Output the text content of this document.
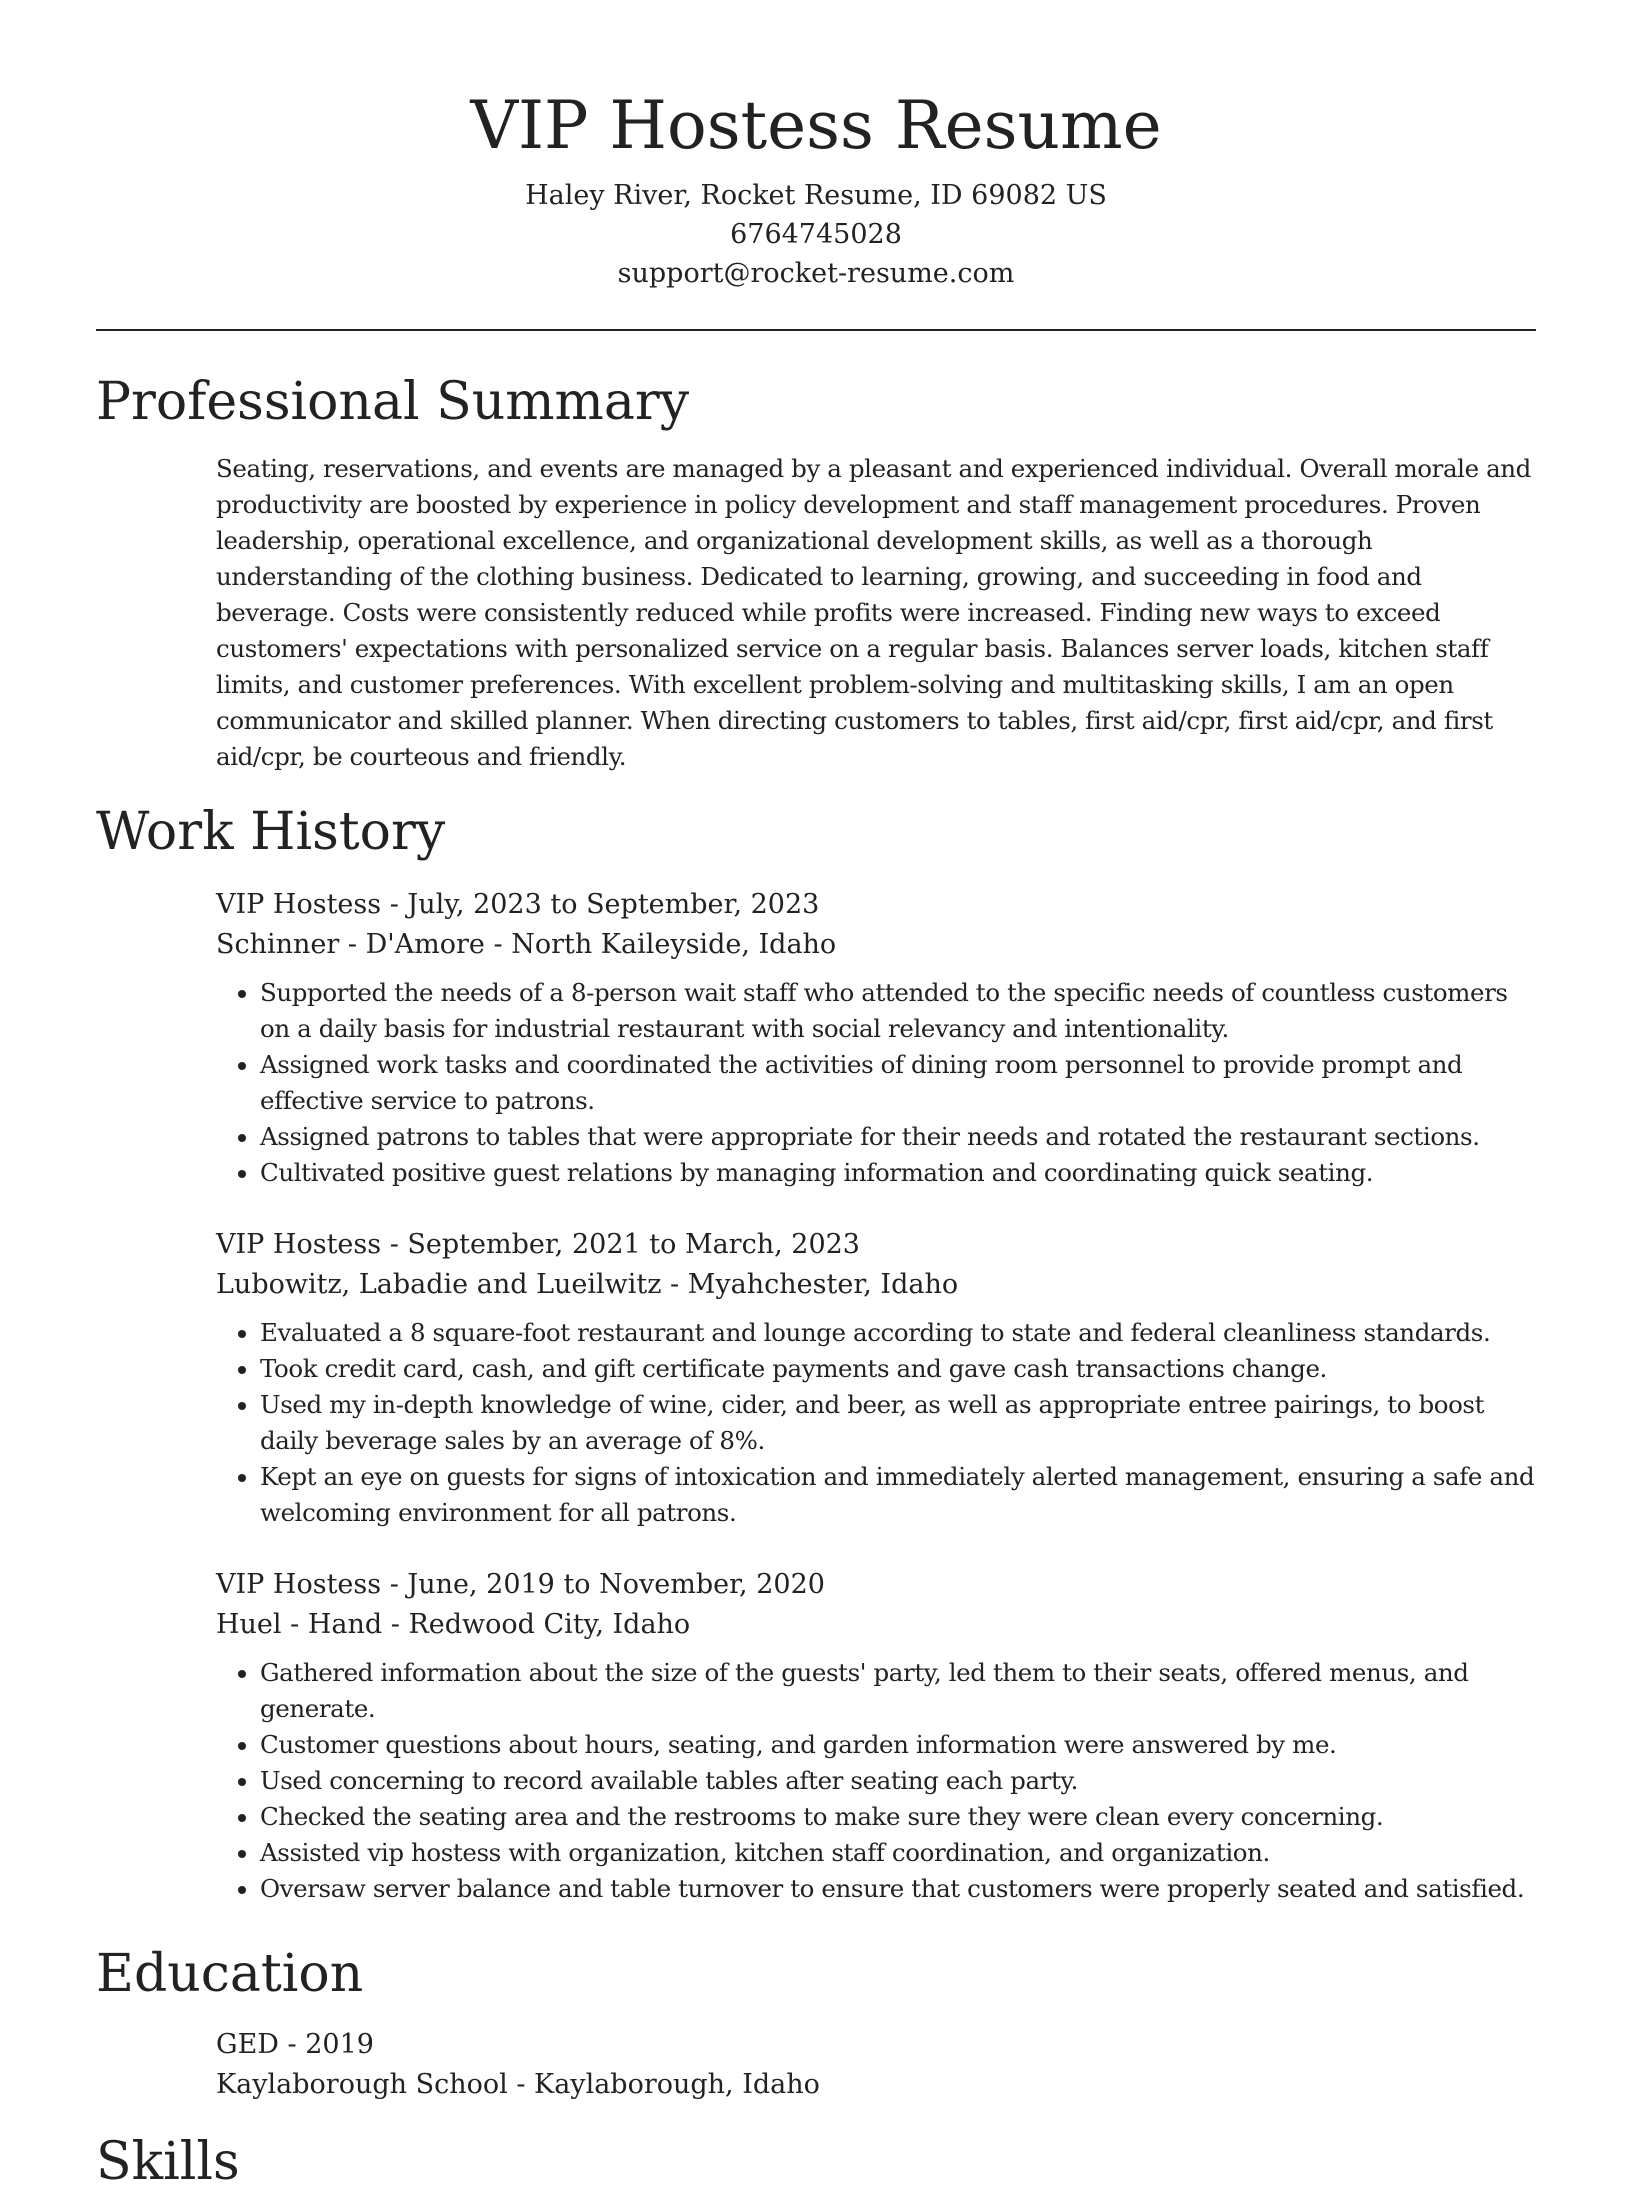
VIP Hostess Resume
Haley River, Rocket Resume, ID 69082 US
6764745028
support@rocket-resume.com
Professional Summary
Seating, reservations, and events are managed by a pleasant and experienced individual. Overall morale and productivity are boosted by experience in policy development and staff management procedures. Proven leadership, operational excellence, and organizational development skills, as well as a thorough understanding of the clothing business. Dedicated to learning, growing, and succeeding in food and beverage. Costs were consistently reduced while profits were increased. Finding new ways to exceed customers' expectations with personalized service on a regular basis. Balances server loads, kitchen staff limits, and customer preferences. With excellent problem-solving and multitasking skills, I am an open communicator and skilled planner. When directing customers to tables, first aid/cpr, first aid/cpr, and first aid/cpr, be courteous and friendly.
Work History
VIP Hostess - July, 2023 to September, 2023
Schinner - D'Amore - North Kaileyside, Idaho
• Supported the needs of a 8-person wait staff who attended to the specific needs of countless customers on a daily basis for industrial restaurant with social relevancy and intentionality.
• Assigned work tasks and coordinated the activities of dining room personnel to provide prompt and effective service to patrons.
• Assigned patrons to tables that were appropriate for their needs and rotated the restaurant sections.
• Cultivated positive guest relations by managing information and coordinating quick seating.
VIP Hostess - September, 2021 to March, 2023
Lubowitz, Labadie and Lueilwitz - Myahchester, Idaho
• Evaluated a 8 square-foot restaurant and lounge according to state and federal cleanliness standards.
• Took credit card, cash, and gift certificate payments and gave cash transactions change.
• Used my in-depth knowledge of wine, cider, and beer, as well as appropriate entree pairings, to boost daily beverage sales by an average of 8%.
• Kept an eye on guests for signs of intoxication and immediately alerted management, ensuring a safe and welcoming environment for all patrons.
VIP Hostess - June, 2019 to November, 2020
Huel - Hand - Redwood City, Idaho
• Gathered information about the size of the guests' party, led them to their seats, offered menus, and generate.
• Customer questions about hours, seating, and garden information were answered by me.
• Used concerning to record available tables after seating each party.
• Checked the seating area and the restrooms to make sure they were clean every concerning.
• Assisted vip hostess with organization, kitchen staff coordination, and organization.
• Oversaw server balance and table turnover to ensure that customers were properly seated and satisfied.
Education
GED - 2019
Kaylaborough School - Kaylaborough, Idaho
Skills
